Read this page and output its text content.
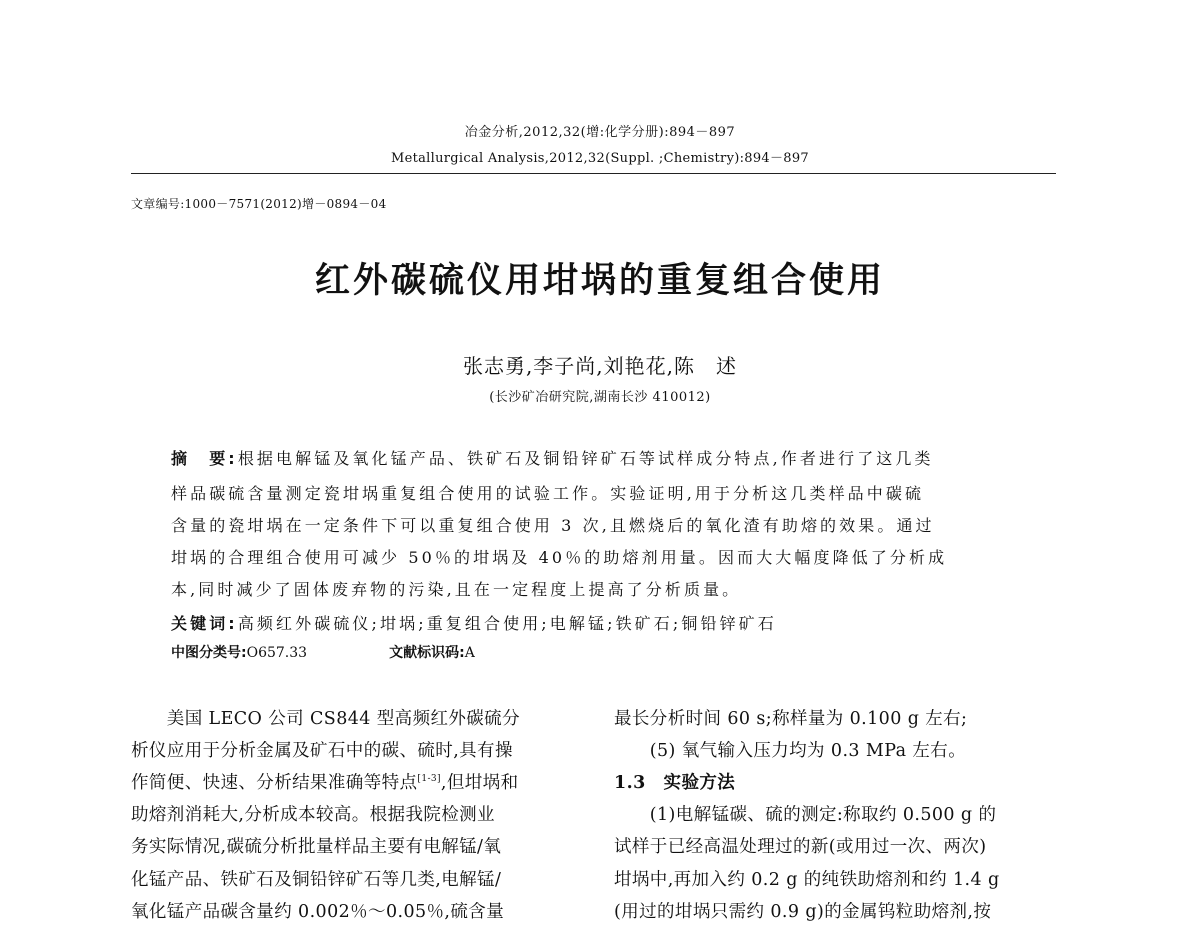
冶金分析,2012,32(增:化学分册):894－897
Metallurgical Analysis,2012,32(Suppl. ;Chemistry):894－897
文章编号:1000－7571(2012)增－0894－04
红外碳硫仪用坩埚的重复组合使用
张志勇,李子尚,刘艳花,陈　述
(长沙矿冶研究院,湖南长沙 410012)
摘　要:根据电解锰及氧化锰产品、铁矿石及铜铅锌矿石等试样成分特点,作者进行了这几类
样品碳硫含量测定瓷坩埚重复组合使用的试验工作。实验证明,用于分析这几类样品中碳硫
含量的瓷坩埚在一定条件下可以重复组合使用 3 次,且燃烧后的氧化渣有助熔的效果。通过
坩埚的合理组合使用可减少 50％的坩埚及 40％的助熔剂用量。因而大大幅度降低了分析成
本,同时减少了固体废弃物的污染,且在一定程度上提高了分析质量。
关键词:高频红外碳硫仪;坩埚;重复组合使用;电解锰;铁矿石;铜铅锌矿石
中图分类号:O657.33	文献标识码:A
　　美国 LECO 公司 CS844 型高频红外碳硫分
析仪应用于分析金属及矿石中的碳、硫时,具有操
作简便、快速、分析结果准确等特点[1-3],但坩埚和
助熔剂消耗大,分析成本较高。根据我院检测业
务实际情况,碳硫分析批量样品主要有电解锰/氧
化锰产品、铁矿石及铜铅锌矿石等几类,电解锰/
氧化锰产品碳含量约 0.002％～0.05％,硫含量
最长分析时间 60 s;称样量为 0.100 g 左右;
　　(5) 氧气输入压力均为 0.3 MPa 左右。
1.3　实验方法
　　(1)电解锰碳、硫的测定:称取约 0.500 g 的
试样于已经高温处理过的新(或用过一次、两次)
坩埚中,再加入约 0.2 g 的纯铁助熔剂和约 1.4 g
(用过的坩埚只需约 0.9 g)的金属钨粒助熔剂,按
